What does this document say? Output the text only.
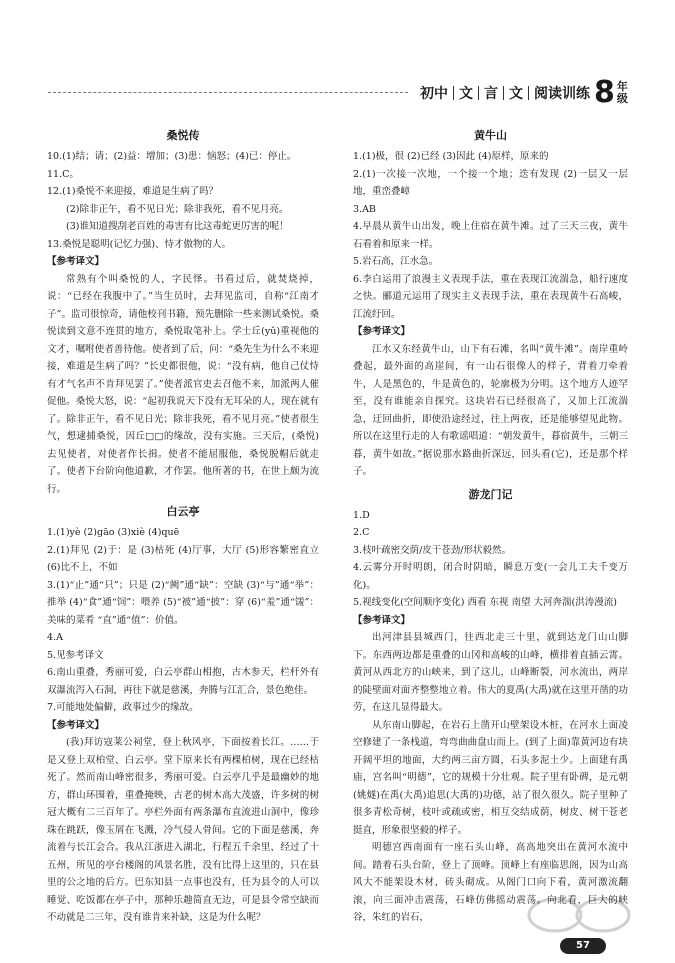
初中 文 言 文 阅读训练 8 年
级
桑悦传

10.(1)结；请；(2)益：增加；(3)患：恼怒；(4)已：停止。

11.C。

12.(1)桑悦不来迎接，难道是生病了吗？

(2)除非正午，看不见日光；除非我死，看不见月亮。

(3)谁知道搜刮老百姓的毒害有比这毒蛇更厉害的呢！

13.桑悦是聪明(记忆力强)、恃才傲物的人。

【参考译文】

常熟有个叫桑悦的人，字民怿。书看过后，就焚烧掉，说：“已经在我腹中了。”当生员时，去拜见监司，自称“江南才子”。监司很惊奇，请他校刊书籍，预先删除一些来测试桑悦。桑悦读到文意不连贯的地方，桑悦取笔补上。学士丘(yǔ)重视他的文才，嘱咐使者善待他。使者到了后，问：“桑先生为什么不来迎接，难道是生病了吗？”长史都很他，说：“没有病，他自己仗恃有才气名声不肯拜见罢了。”使者派官吏去召他不来，加派两人催促他。桑悦大怒，说：“起初我说天下没有无耳朵的人，现在就有了。除非正午，看不见日光；除非我死，看不见月亮。”使者很生气，想逮捕桑悦，因丘□□的缘故，没有实施。三天后，(桑悦)去见使者，对使者作长揖。使者不能屈服他，桑悦脱帽后就走了。使者下台阶向他道歉，才作罢。他所著的书，在世上颇为流行。

白云亭

1.(1)yè (2)gāo (3)xiè (4)quē

2.(1)拜见 (2)于：是 (3)枯死 (4)厅事，大厅 (5)形容繁密直立 (6)比不上，不如

3.(1)“止”通“只”；只是 (2)“阙”通“缺”：空缺 (3)“与”通“举”：推举 (4)“食”通“饲”：喂养 (5)“被”通“披”：穿 (6)“羞”通“馐”：美味的菜肴 “直”通“值”：价值。

4.A

5.见参考译文

6.南山重叠，秀丽可爱，白云亭群山相抱，古木参天，栏杆外有双瀑流泻入石洞，再往下就是慈溪，奔腾与江汇合，景色绝佳。

7.可能地处偏僻，政事过少的缘故。

【参考译文】

(我)拜访寇莱公祠堂，登上秋风亭，下面按着长江。……于是又登上双柏堂、白云亭。堂下原来长有两棵柏树，现在已经枯死了。然而南山峰密很多，秀丽可爱。白云亭几乎是最幽妙的地方，群山环围着，重叠掩映，古老的树木高大茂盛，许多树的树冠大概有二三百年了。亭栏外面有两条瀑布直流进山洞中，像珍珠在跳跃，像玉屑在飞溅，冷气侵人骨间。它的下面是慈溪，奔流着与长江会合。我从江浙进入湖北，行程五千余里，经过了十五州，所见的亭台楼阁的风景名胜，没有比得上这里的，只在县里的公之地的后方。巴东知县一点事也没有，任为县令的人可以睡觉、吃饭都在亭子中，那种乐趣简直无边，可是县令常空缺而不动就是二三年，没有谁肯来补缺，这是为什么呢？

黄牛山

1.(1)极，很 (2)已经 (3)因此 (4)原样，原来的

2.(1)一次接一次地，一个接一个地；迭有发现 (2)一层又一层地，重峦叠嶂

3.AB

4.早晨从黄牛山出发，晚上住宿在黄牛滩。过了三天三夜，黄牛石看着和原来一样。

5.岩石高，江水急。

6.李白运用了浪漫主义表现手法，重在表现江流湍急，船行速度之快。郦道元运用了现实主义表现手法，重在表现黄牛石高峻，江流纡回。

【参考译文】

江水又东经黄牛山，山下有石滩，名叫“黄牛滩”。南岸重岭叠起，最外面的高崖间，有一山石很像人的样子，背着刀牵着牛，人是黑色的，牛是黄色的，轮廓极为分明。这个地方人迹罕至，没有谁能亲自探究。这块岩石已经很高了，又加上江流湍急，迂回曲折，即使沿途经过，往上两夜，还是能够望见此物。所以在这里行走的人有歌谣唱道：“朝发黄牛，暮宿黄牛，三朝三暮，黄牛如故。”据说那水路曲折深远，回头看(它)，还是那个样子。

游龙门记

1.D

2.C

3.枝叶疏密交荫/皮干苍劲/形状毅然。

4.云雾分开时明朗，闭合时阴暗，瞬息万变(一会儿工夫千变万化)。

5.视线变化(空间顺序变化) 西看 东视 南望 大河奔湍(洪涛漫流)

【参考译文】

出河津县县城西门，往西北走三十里，就到达龙门山山脚下。东西两边都是重叠的山冈和高峻的山峰，横排着直插云霄。黄河从西北方的山峡来，到了这儿，山峰断裂，河水流出，两岸的陡壁面对面齐整整地立着。伟大的夏禹(大禹)就在这里开凿的功劳，在这儿显得最大。

从东南山脚起，在岩石上凿开山壁架设木桩，在河水上面凌空修建了一条栈道，弯弯曲曲盘山而上。(到了上面)靠黄河边有块开阔平坦的地面，大约两三亩方圆，石头多泥土少。上面建有禹庙，宫名叫“明德”，它的规模十分壮观。院子里有卧碑，是元朝(姚燧)在禹(大禹)追思(大禹的)功德，站了很久很久。院子里种了很多青松奇树，枝叶或疏或密，相互交结成荫，树皮、树干苍老挺直，形象很坚毅的样子。

明德宫西南面有一座石头山峰，高高地突出在黄河水流中间。踏着石头台阶，登上了顶峰。顶峰上有座临思阁，因为山高风大不能架设木材，砖头砌成。从阁门口向下看，黄河激流翻滚，向三面冲击震荡，石峰仿佛摇动震荡。向北看，巨大的峡谷，朱红的岩石，

57
